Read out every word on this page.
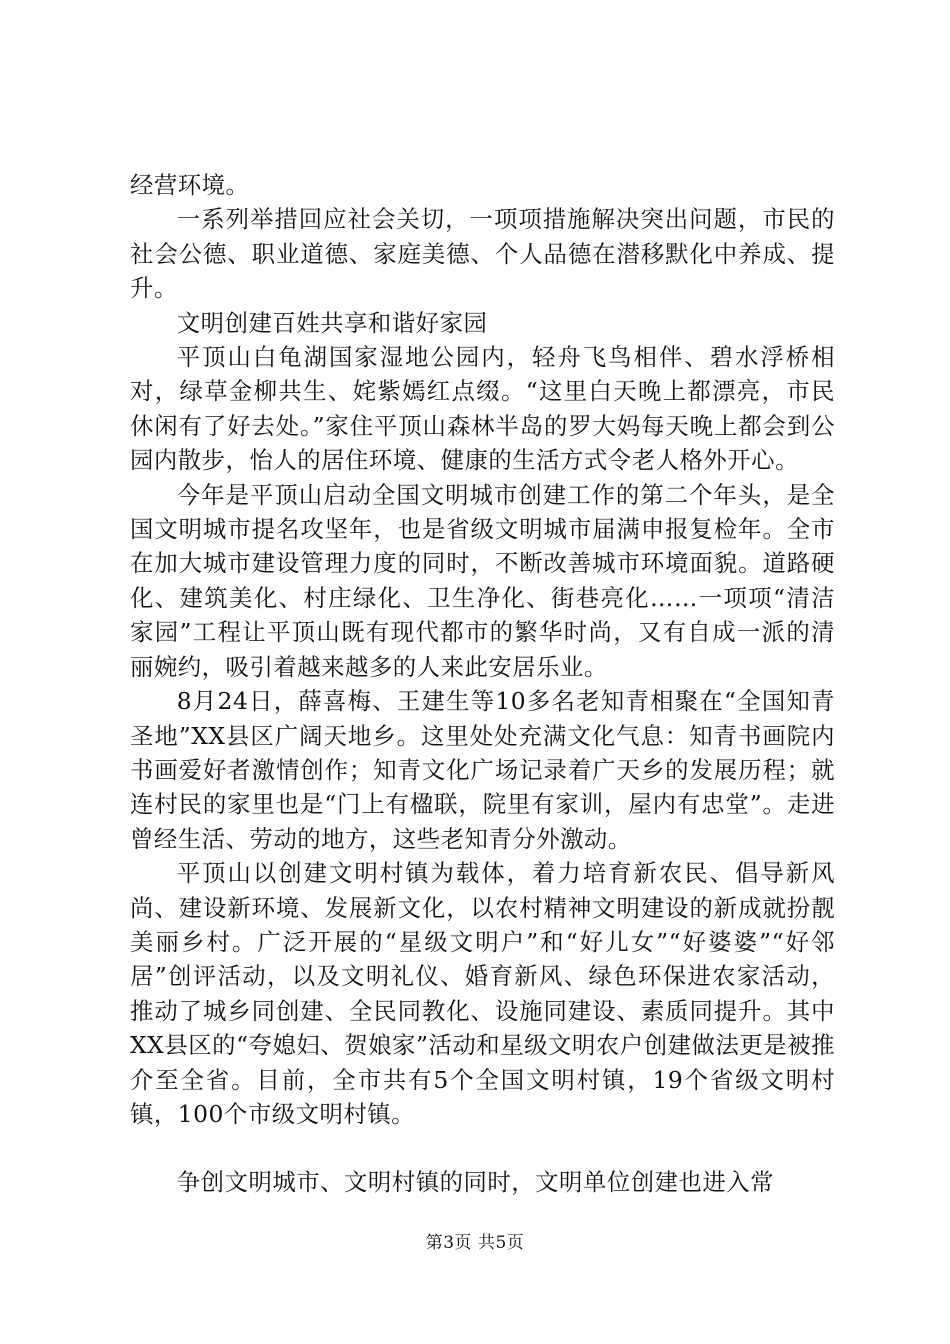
经营环境。

一系列举措回应社会关切，一项项措施解决突出问题，市民的社会公德、职业道德、家庭美德、个人品德在潜移默化中养成、提升。

文明创建百姓共享和谐好家园

平顶山白龟湖国家湿地公园内，轻舟飞鸟相伴、碧水浮桥相对，绿草金柳共生、姹紫嫣红点缀。“这里白天晚上都漂亮，市民休闲有了好去处。”家住平顶山森林半岛的罗大妈每天晚上都会到公园内散步，怡人的居住环境、健康的生活方式令老人格外开心。

今年是平顶山启动全国文明城市创建工作的第二个年头，是全国文明城市提名攻坚年，也是省级文明城市届满申报复检年。全市在加大城市建设管理力度的同时，不断改善城市环境面貌。道路硬化、建筑美化、村庄绿化、卫生净化、街巷亮化……一项项“清洁家园”工程让平顶山既有现代都市的繁华时尚，又有自成一派的清丽婉约，吸引着越来越多的人来此安居乐业。

8月24日，薛喜梅、王建生等10多名老知青相聚在“全国知青圣地”XX县区广阔天地乡。这里处处充满文化气息：知青书画院内书画爱好者激情创作；知青文化广场记录着广天乡的发展历程；就连村民的家里也是“门上有楹联，院里有家训，屋内有忠堂”。走进曾经生活、劳动的地方，这些老知青分外激动。

平顶山以创建文明村镇为载体，着力培育新农民、倡导新风尚、建设新环境、发展新文化，以农村精神文明建设的新成就扮靓美丽乡村。广泛开展的“星级文明户”和“好儿女”“好婆婆”“好邻居”创评活动，以及文明礼仪、婚育新风、绿色环保进农家活动，推动了城乡同创建、全民同教化、设施同建设、素质同提升。其中XX县区的“夸媳妇、贺娘家”活动和星级文明农户创建做法更是被推介至全省。目前，全市共有5个全国文明村镇，19个省级文明村镇，100个市级文明村镇。

争创文明城市、文明村镇的同时，文明单位创建也进入常

第3页 共5页
